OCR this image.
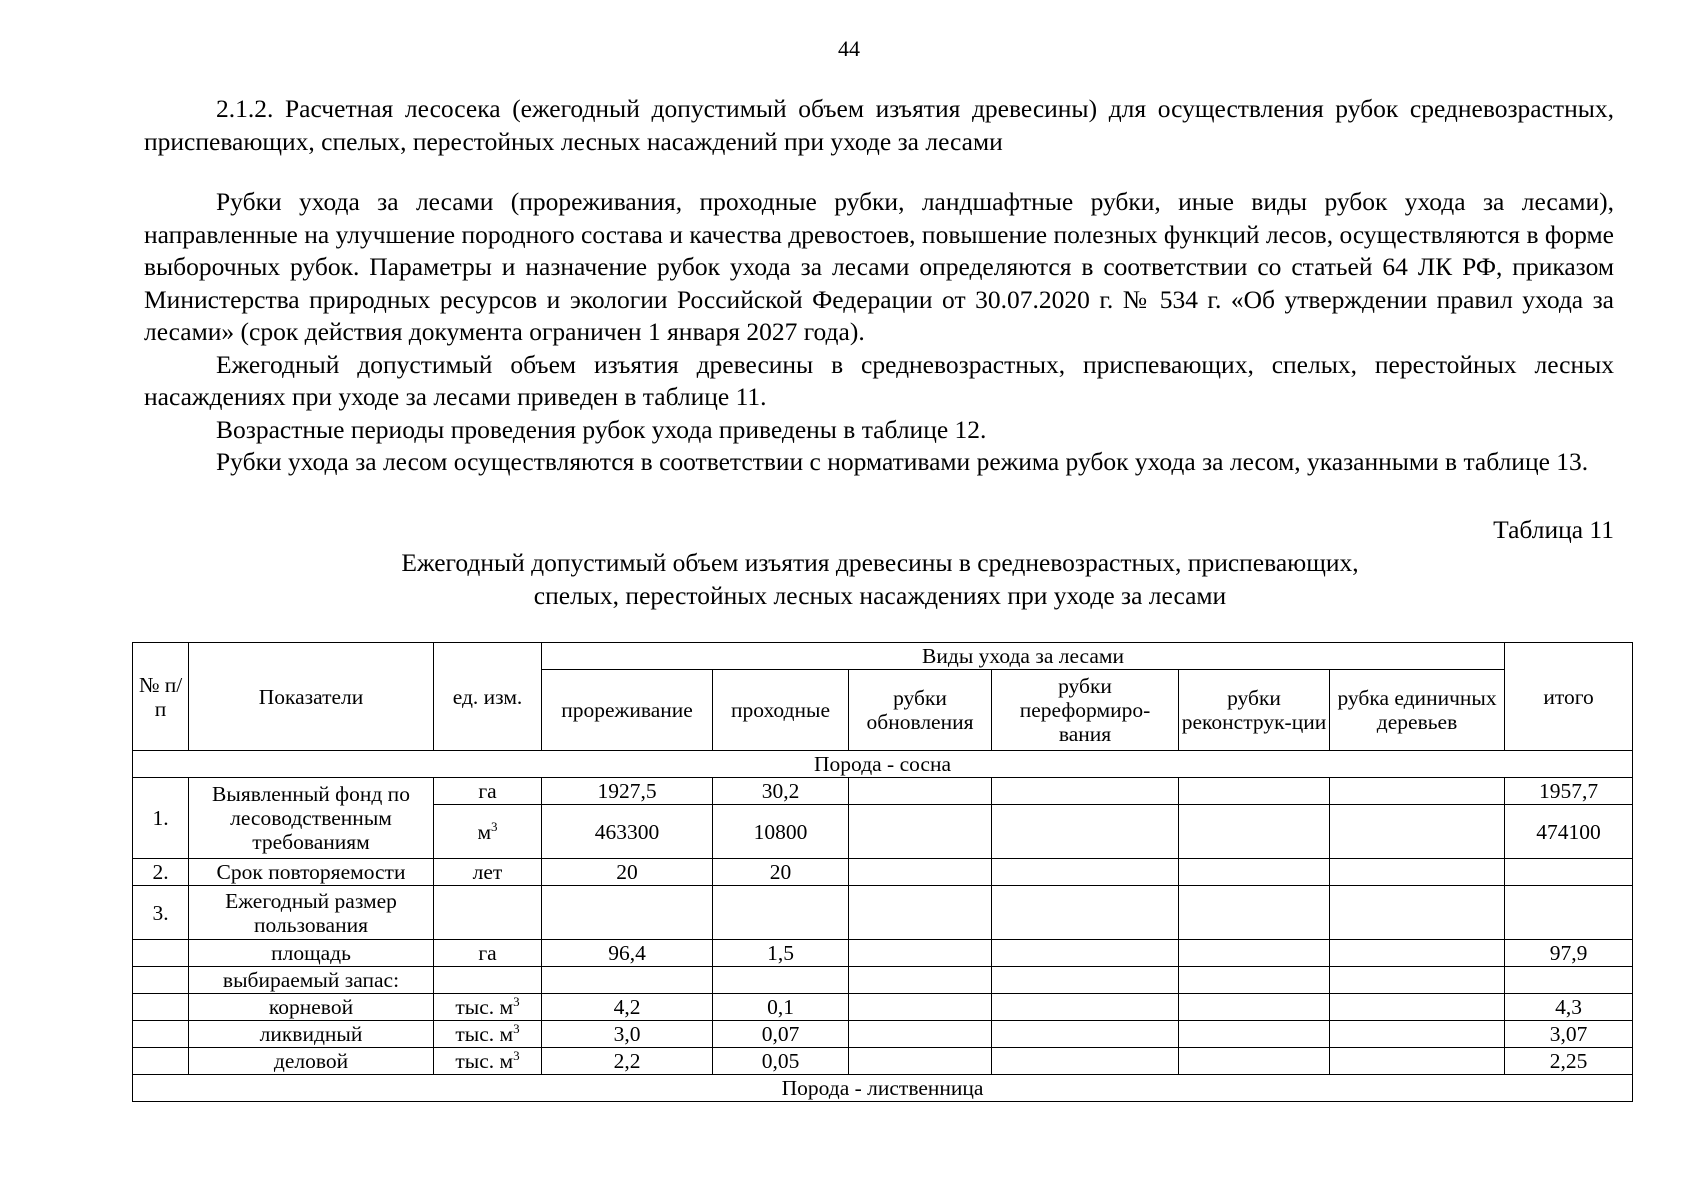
44

2.1.2. Расчетная лесосека (ежегодный допустимый объем изъятия древесины) для осуществления рубок средневозрастных, приспевающих, спелых, перестойных лесных насаждений при уходе за лесами

Рубки ухода за лесами (прореживания, проходные рубки, ландшафтные рубки, иные виды рубок ухода за лесами), направленные на улучшение породного состава и качества древостоев, повышение полезных функций лесов, осуществляются в форме выборочных рубок. Параметры и назначение рубок ухода за лесами определяются в соответствии со статьей 64 ЛК РФ, приказом Министерства природных ресурсов и экологии Российской Федерации от 30.07.2020 г. № 534 г. «Об утверждении правил ухода за лесами» (срок действия документа ограничен 1 января 2027 года).

Ежегодный допустимый объем изъятия древесины в средневозрастных, приспевающих, спелых, перестойных лесных насаждениях при уходе за лесами приведен в таблице 11.

Возрастные периоды проведения рубок ухода приведены в таблице 12.

Рубки ухода за лесом осуществляются в соответствии с нормативами режима рубок ухода за лесом, указанными в таблице 13.

Таблица 11
Ежегодный допустимый объем изъятия древесины в средневозрастных, приспевающих,
спелых, перестойных лесных насаждениях при уходе за лесами
№ п/п	Показатели	ед. изм.	Виды ухода за лесами						итого
			прореживание	проходные	рубки обновления	рубки переформиро-вания	рубки реконструк-ции	рубка единичных деревьев	
Порода - сосна									
1.	Выявленный фонд по лесоводственным требованиям	га	1927,5	30,2					1957,7
		$м^3$	463300	10800					474100
2.	Срок повторяемости	лет	20	20					
3.	Ежегодный размер пользования								
	площадь	га	96,4	1,5					97,9
	выбираемый запас:								
	корневой	тыс. $м^3$	4,2	0,1					4,3
	ликвидный	тыс. $м^3$	3,0	0,07					3,07
	деловой	тыс. $м^3$	2,2	0,05					2,25
Порода - лиственница									
